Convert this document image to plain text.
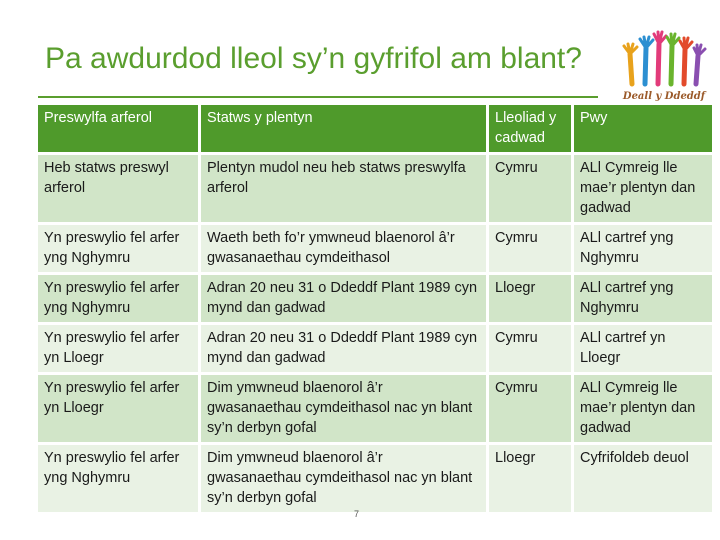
Pa awdurdod lleol sy’n gyfrifol am blant?
Deall y Ddeddf
Preswylfa arferol	Statws y plentyn	Lleoliad y cadwad	Pwy
Heb statws preswyl arferol	Plentyn mudol neu heb statws preswylfa arferol	Cymru	ALl Cymreig lle mae’r plentyn dan gadwad
Yn preswylio fel arfer yng Nghymru	Waeth beth fo’r ymwneud blaenorol â’r gwasanaethau cymdeithasol	Cymru	ALl cartref yng Nghymru
Yn preswylio fel arfer yng Nghymru	Adran 20 neu 31 o Ddeddf Plant 1989 cyn mynd dan gadwad	Lloegr	ALl cartref yng Nghymru
Yn preswylio fel arfer yn Lloegr	Adran 20 neu 31 o Ddeddf Plant 1989 cyn mynd dan gadwad	Cymru	ALl cartref yn Lloegr
Yn preswylio fel arfer yn Lloegr	Dim ymwneud blaenorol â’r gwasanaethau cymdeithasol nac yn blant sy’n derbyn gofal	Cymru	ALl Cymreig lle mae’r plentyn dan gadwad
Yn preswylio fel arfer yng Nghymru	Dim ymwneud blaenorol â’r gwasanaethau cymdeithasol nac yn blant sy’n derbyn gofal	Lloegr	Cyfrifoldeb deuol
7
